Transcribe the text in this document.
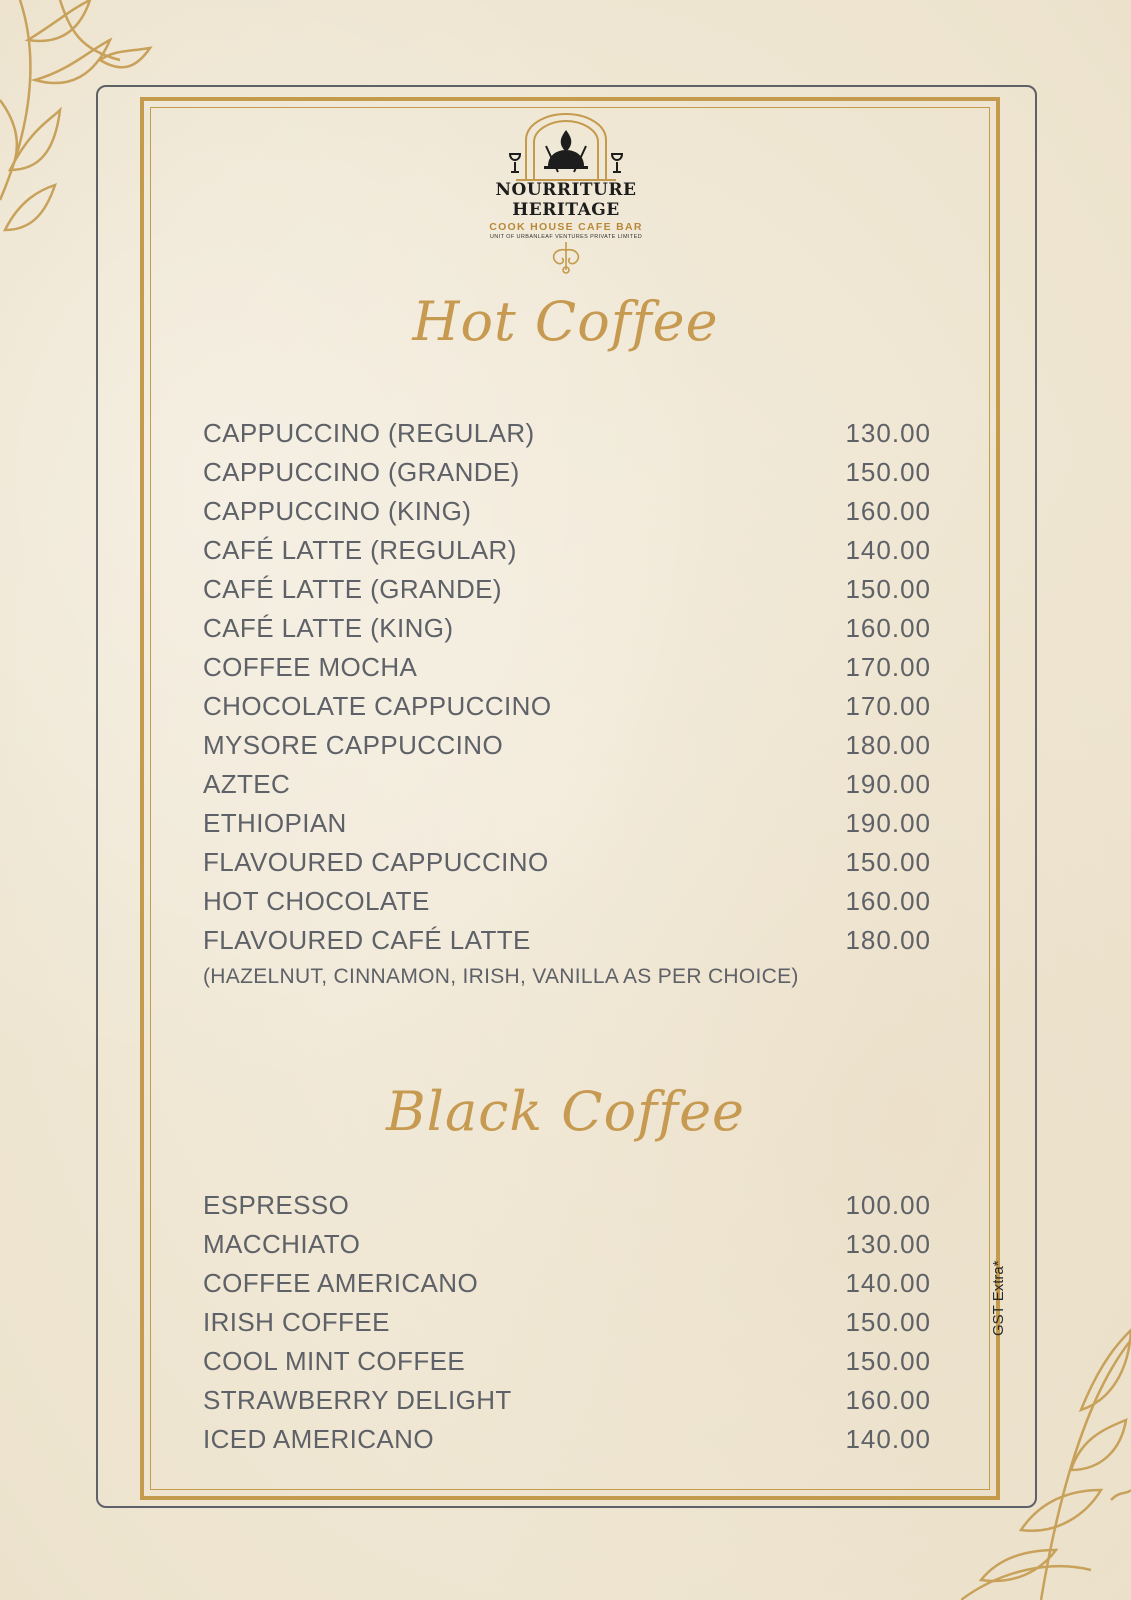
NOURRITURE HERITAGE
COOK HOUSE CAFE BAR
UNIT OF URBANLEAF VENTURES PRIVATE LIMITED
Hot Coffee
CAPPUCCINO (REGULAR)	130.00
CAPPUCCINO (GRANDE)	150.00
CAPPUCCINO (KING)	160.00
CAFÉ LATTE (REGULAR)	140.00
CAFÉ LATTE (GRANDE)	150.00
CAFÉ LATTE (KING)	160.00
COFFEE MOCHA	170.00
CHOCOLATE CAPPUCCINO	170.00
MYSORE CAPPUCCINO	180.00
AZTEC	190.00
ETHIOPIAN	190.00
FLAVOURED CAPPUCCINO	150.00
HOT CHOCOLATE	160.00
FLAVOURED CAFÉ LATTE	180.00
(HAZELNUT, CINNAMON, IRISH, VANILLA AS PER CHOICE)
Black Coffee
ESPRESSO	100.00
MACCHIATO	130.00
COFFEE AMERICANO	140.00
IRISH COFFEE	150.00
COOL MINT COFFEE	150.00
STRAWBERRY DELIGHT	160.00
ICED AMERICANO	140.00
GST Extra*
